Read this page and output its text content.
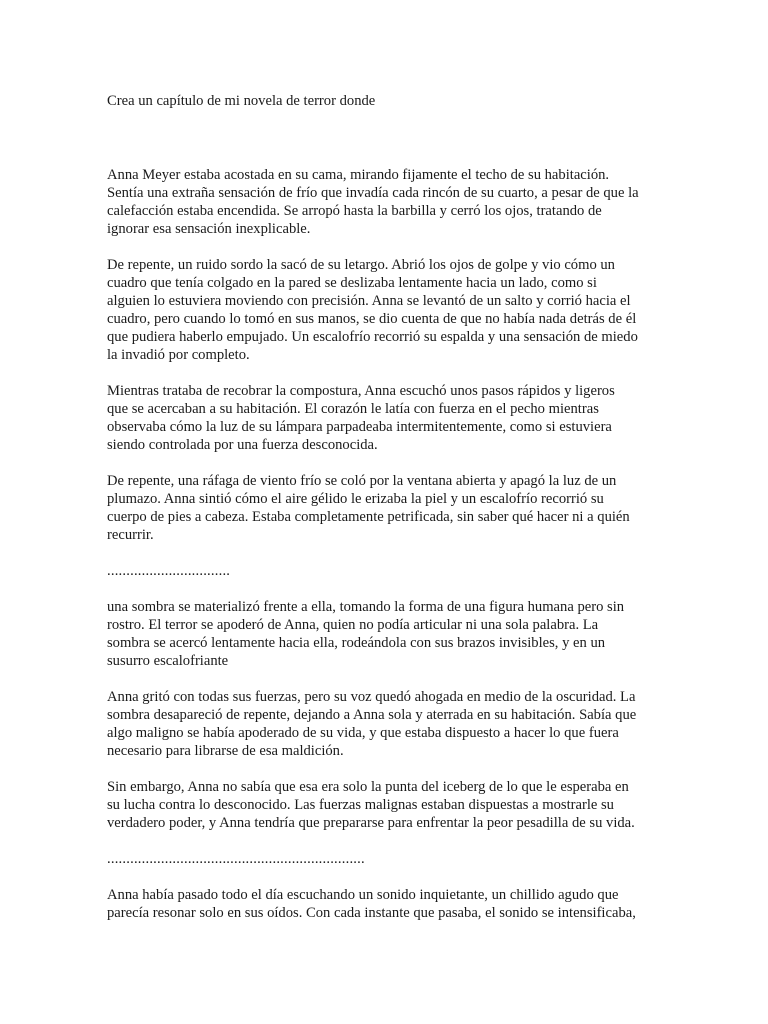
Crea un capítulo de mi novela de terror donde

Anna Meyer estaba acostada en su cama, mirando fijamente el techo de su habitación. Sentía una extraña sensación de frío que invadía cada rincón de su cuarto, a pesar de que la calefacción estaba encendida. Se arropó hasta la barbilla y cerró los ojos, tratando de ignorar esa sensación inexplicable.

De repente, un ruido sordo la sacó de su letargo. Abrió los ojos de golpe y vio cómo un cuadro que tenía colgado en la pared se deslizaba lentamente hacia un lado, como si alguien lo estuviera moviendo con precisión. Anna se levantó de un salto y corrió hacia el cuadro, pero cuando lo tomó en sus manos, se dio cuenta de que no había nada detrás de él que pudiera haberlo empujado. Un escalofrío recorrió su espalda y una sensación de miedo la invadió por completo.

Mientras trataba de recobrar la compostura, Anna escuchó unos pasos rápidos y ligeros que se acercaban a su habitación. El corazón le latía con fuerza en el pecho mientras observaba cómo la luz de su lámpara parpadeaba intermitentemente, como si estuviera siendo controlada por una fuerza desconocida.

De repente, una ráfaga de viento frío se coló por la ventana abierta y apagó la luz de un plumazo. Anna sintió cómo el aire gélido le erizaba la piel y un escalofrío recorrió su cuerpo de pies a cabeza. Estaba completamente petrificada, sin saber qué hacer ni a quién recurrir.

................................

una sombra se materializó frente a ella, tomando la forma de una figura humana pero sin rostro. El terror se apoderó de Anna, quien no podía articular ni una sola palabra. La sombra se acercó lentamente hacia ella, rodeándola con sus brazos invisibles, y en un susurro escalofriante

Anna gritó con todas sus fuerzas, pero su voz quedó ahogada en medio de la oscuridad. La sombra desapareció de repente, dejando a Anna sola y aterrada en su habitación. Sabía que algo maligno se había apoderado de su vida, y que estaba dispuesto a hacer lo que fuera necesario para librarse de esa maldición.

Sin embargo, Anna no sabía que esa era solo la punta del iceberg de lo que le esperaba en su lucha contra lo desconocido. Las fuerzas malignas estaban dispuestas a mostrarle su verdadero poder, y Anna tendría que prepararse para enfrentar la peor pesadilla de su vida.

...................................................................

Anna había pasado todo el día escuchando un sonido inquietante, un chillido agudo que parecía resonar solo en sus oídos. Con cada instante que pasaba, el sonido se intensificaba,
